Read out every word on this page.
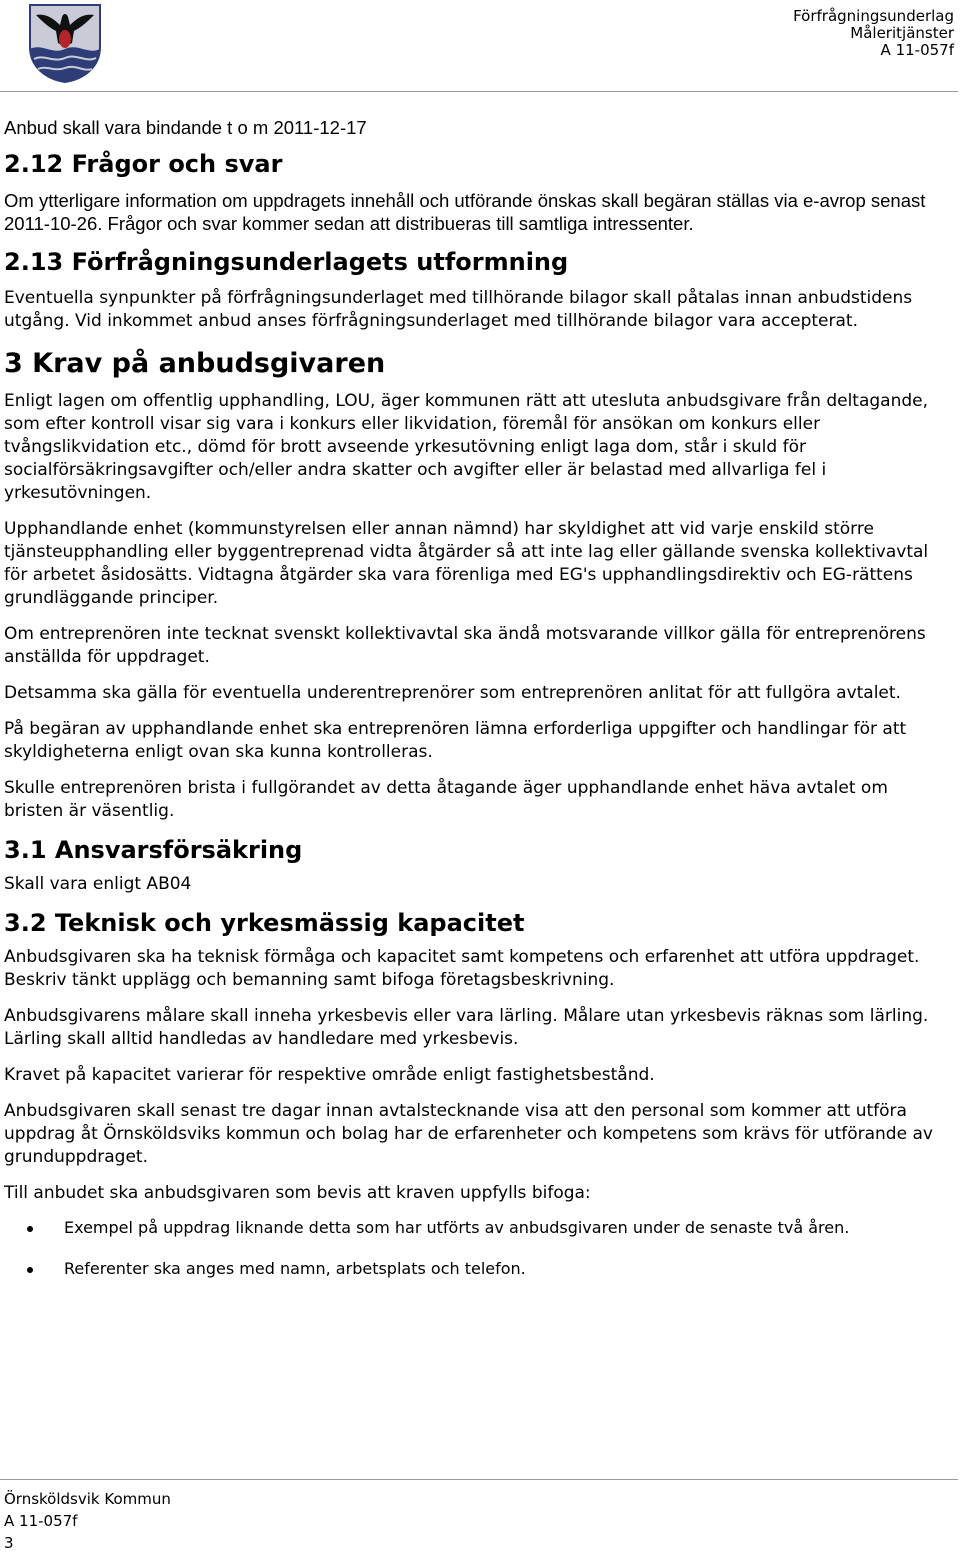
Förfrågningsunderlag
Måleritjänster
A 11-057f

Anbud skall vara bindande t o m 2011-12-17

2.12 Frågor och svar

Om ytterligare information om uppdragets innehåll och utförande önskas skall begäran ställas via e-avrop senast 2011-10-26. Frågor och svar kommer sedan att distribueras till samtliga intressenter.

2.13 Förfrågningsunderlagets utformning

Eventuella synpunkter på förfrågningsunderlaget med tillhörande bilagor skall påtalas innan anbudstidens utgång. Vid inkommet anbud anses förfrågningsunderlaget med tillhörande bilagor vara accepterat.

3 Krav på anbudsgivaren

Enligt lagen om offentlig upphandling, LOU, äger kommunen rätt att utesluta anbudsgivare från deltagande, som efter kontroll visar sig vara i konkurs eller likvidation, föremål för ansökan om konkurs eller tvångslikvidation etc., dömd för brott avseende yrkesutövning enligt laga dom, står i skuld för socialförsäkringsavgifter och/eller andra skatter och avgifter eller är belastad med allvarliga fel i yrkesutövningen.

Upphandlande enhet (kommunstyrelsen eller annan nämnd) har skyldighet att vid varje enskild större tjänsteupphandling eller byggentreprenad vidta åtgärder så att inte lag eller gällande svenska kollektivavtal för arbetet åsidosätts. Vidtagna åtgärder ska vara förenliga med EG's upphandlingsdirektiv och EG-rättens grundläggande principer.

Om entreprenören inte tecknat svenskt kollektivavtal ska ändå motsvarande villkor gälla för entreprenörens anställda för uppdraget.

Detsamma ska gälla för eventuella underentreprenörer som entreprenören anlitat för att fullgöra avtalet.

På begäran av upphandlande enhet ska entreprenören lämna erforderliga uppgifter och handlingar för att skyldigheterna enligt ovan ska kunna kontrolleras.

Skulle entreprenören brista i fullgörandet av detta åtagande äger upphandlande enhet häva avtalet om bristen är väsentlig.

3.1 Ansvarsförsäkring

Skall vara enligt AB04

3.2 Teknisk och yrkesmässig kapacitet

Anbudsgivaren ska ha teknisk förmåga och kapacitet samt kompetens och erfarenhet att utföra uppdraget. Beskriv tänkt upplägg och bemanning samt bifoga företagsbeskrivning.

Anbudsgivarens målare skall inneha yrkesbevis eller vara lärling. Målare utan yrkesbevis räknas som lärling. Lärling skall alltid handledas av handledare med yrkesbevis.

Kravet på kapacitet varierar för respektive område enligt fastighetsbestånd.

Anbudsgivaren skall senast tre dagar innan avtalstecknande visa att den personal som kommer att utföra uppdrag åt Örnsköldsviks kommun och bolag har de erfarenheter och kompetens som krävs för utförande av grunduppdraget.

Till anbudet ska anbudsgivaren som bevis att kraven uppfylls bifoga:

Exempel på uppdrag liknande detta som har utförts av anbudsgivaren under de senaste två åren.
Referenter ska anges med namn, arbetsplats och telefon.
Örnsköldsvik Kommun
A 11-057f
3
